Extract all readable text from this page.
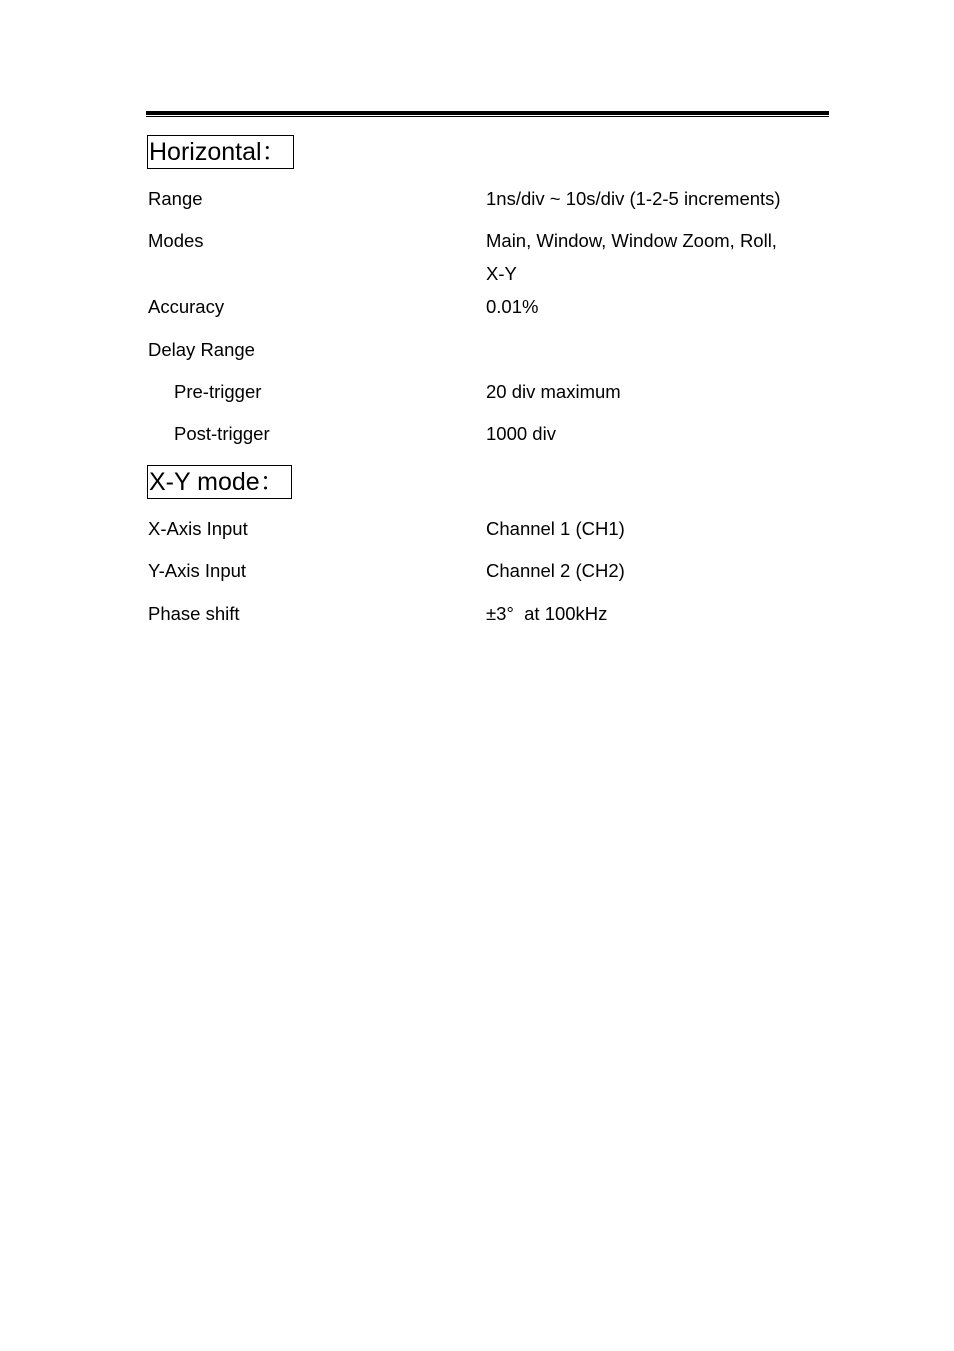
Horizontal：
Range	1ns/div ~ 10s/div (1-2-5 increments)
Modes	Main, Window, Window Zoom, Roll,
X-Y
Accuracy	0.01%
Delay Range
Pre-trigger	20 div maximum
Post-trigger	1000 div
X-Y mode：
X-Axis Input	Channel 1 (CH1)
Y-Axis Input	Channel 2 (CH2)
Phase shift	±3°  at 100kHz
